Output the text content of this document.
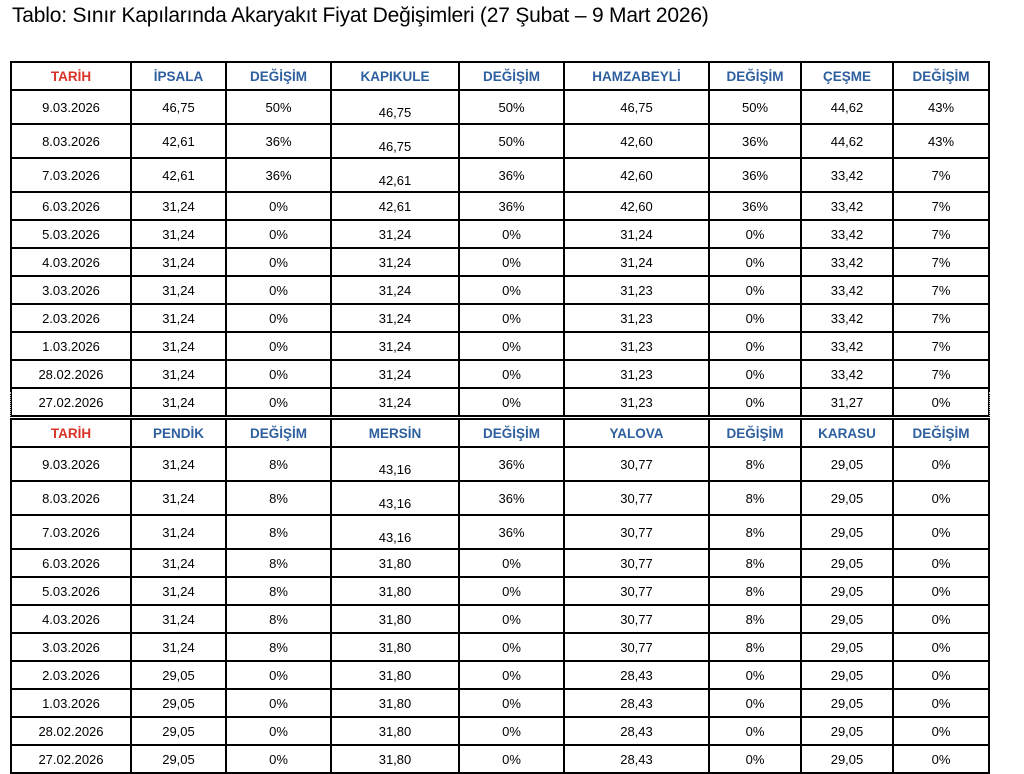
Tablo: Sınır Kapılarında Akaryakıt Fiyat Değişimleri (27 Şubat – 9 Mart 2026)
TARİH	İPSALA	DEĞİŞİM	KAPIKULE	DEĞİŞİM	HAMZABEYLİ	DEĞİŞİM	ÇEŞME	DEĞİŞİM
9.03.2026	46,75	50%	46,75	50%	46,75	50%	44,62	43%
8.03.2026	42,61	36%	46,75	50%	42,60	36%	44,62	43%
7.03.2026	42,61	36%	42,61	36%	42,60	36%	33,42	7%
6.03.2026	31,24	0%	42,61	36%	42,60	36%	33,42	7%
5.03.2026	31,24	0%	31,24	0%	31,24	0%	33,42	7%
4.03.2026	31,24	0%	31,24	0%	31,24	0%	33,42	7%
3.03.2026	31,24	0%	31,24	0%	31,23	0%	33,42	7%
2.03.2026	31,24	0%	31,24	0%	31,23	0%	33,42	7%
1.03.2026	31,24	0%	31,24	0%	31,23	0%	33,42	7%
28.02.2026	31,24	0%	31,24	0%	31,23	0%	33,42	7%
27.02.2026	31,24	0%	31,24	0%	31,23	0%	31,27	0%
TARİH	PENDİK	DEĞİŞİM	MERSİN	DEĞİŞİM	YALOVA	DEĞİŞİM	KARASU	DEĞİŞİM
9.03.2026	31,24	8%	43,16	36%	30,77	8%	29,05	0%
8.03.2026	31,24	8%	43,16	36%	30,77	8%	29,05	0%
7.03.2026	31,24	8%	43,16	36%	30,77	8%	29,05	0%
6.03.2026	31,24	8%	31,80	0%	30,77	8%	29,05	0%
5.03.2026	31,24	8%	31,80	0%	30,77	8%	29,05	0%
4.03.2026	31,24	8%	31,80	0%	30,77	8%	29,05	0%
3.03.2026	31,24	8%	31,80	0%	30,77	8%	29,05	0%
2.03.2026	29,05	0%	31,80	0%	28,43	0%	29,05	0%
1.03.2026	29,05	0%	31,80	0%	28,43	0%	29,05	0%
28.02.2026	29,05	0%	31,80	0%	28,43	0%	29,05	0%
27.02.2026	29,05	0%	31,80	0%	28,43	0%	29,05	0%
